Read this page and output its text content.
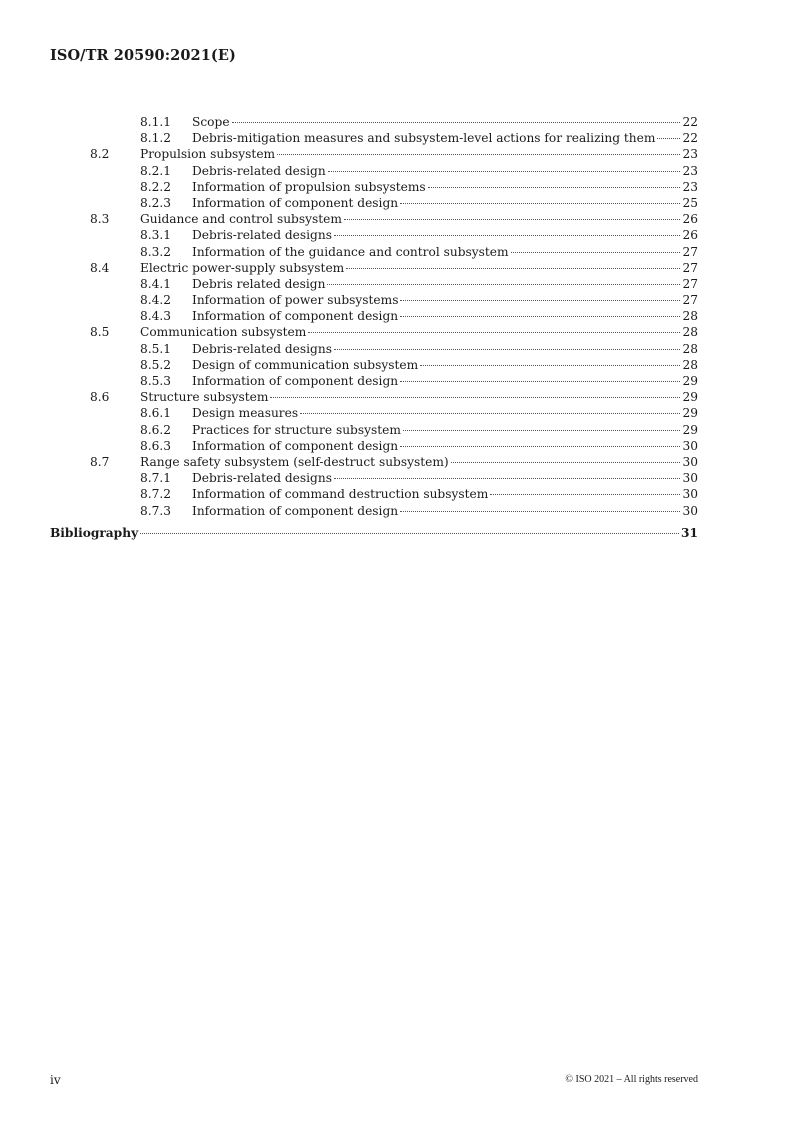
ISO/TR 20590:2021(E)
8.1.1 Scope	22
8.1.2 Debris-mitigation measures and subsystem-level actions for realizing them 22
8.2	Propulsion subsystem	23
8.2.1 Debris-related design	23
8.2.2 Information of propulsion subsystems	23
8.2.3 Information of component design	25
8.3	Guidance and control subsystem	26
8.3.1 Debris-related designs	26
8.3.2 Information of the guidance and control subsystem	27
8.4	Electric power-supply subsystem	27
8.4.1 Debris related design	27
8.4.2 Information of power subsystems	27
8.4.3 Information of component design	28
8.5	Communication subsystem	28
8.5.1 Debris-related designs	28
8.5.2 Design of communication subsystem	28
8.5.3 Information of component design	29
8.6	Structure subsystem	29
8.6.1 Design measures	29
8.6.2 Practices for structure subsystem	29
8.6.3 Information of component design	30
8.7	Range safety subsystem (self-destruct subsystem)	30
8.7.1 Debris-related designs	30
8.7.2 Information of command destruction subsystem	30
8.7.3 Information of component design	30
Bibliography	31
iv	© ISO 2021 – All rights reserved
